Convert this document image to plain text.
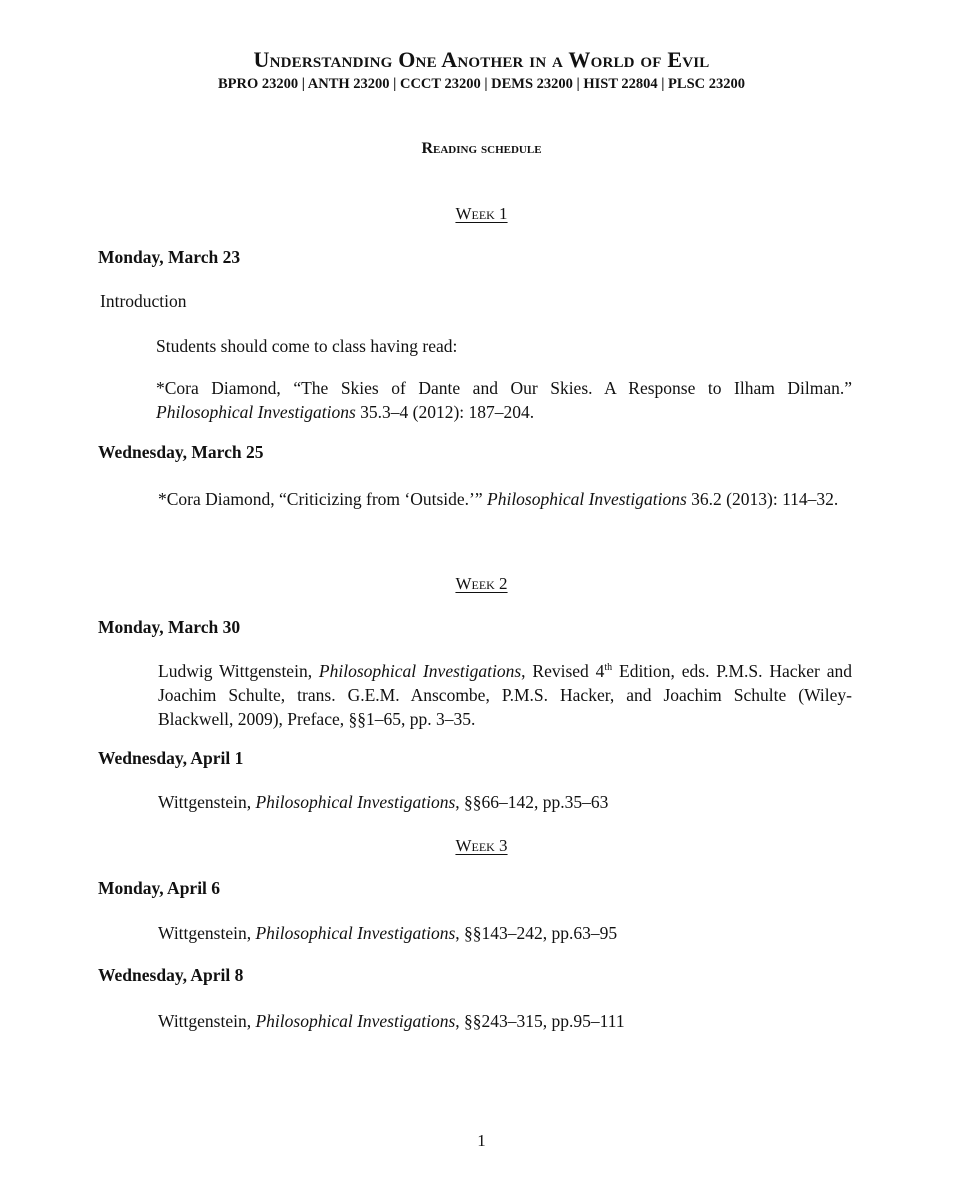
Understanding One Another in a World of Evil
BPRO 23200 | ANTH 23200 | CCCT 23200 | DEMS 23200 | HIST 22804 | PLSC 23200
Reading schedule
Week 1
Monday, March 23
Introduction
Students should come to class having read:
*Cora Diamond, “The Skies of Dante and Our Skies. A Response to Ilham Dilman.”
Philosophical Investigations 35.3–4 (2012): 187–204.
Wednesday, March 25
*Cora Diamond, “Criticizing from ‘Outside.’” Philosophical Investigations 36.2 (2013): 114–32.
Week 2
Monday, March 30
Ludwig Wittgenstein, Philosophical Investigations, Revised 4th Edition, eds. P.M.S. Hacker and
Joachim Schulte, trans. G.E.M. Anscombe, P.M.S. Hacker, and Joachim Schulte (Wiley-
Blackwell, 2009), Preface, §§1–65, pp. 3–35.
Wednesday, April 1
Wittgenstein, Philosophical Investigations, §§66–142, pp.35–63
Week 3
Monday, April 6
Wittgenstein, Philosophical Investigations, §§143–242, pp.63–95
Wednesday, April 8
Wittgenstein, Philosophical Investigations, §§243–315, pp.95–111
1
